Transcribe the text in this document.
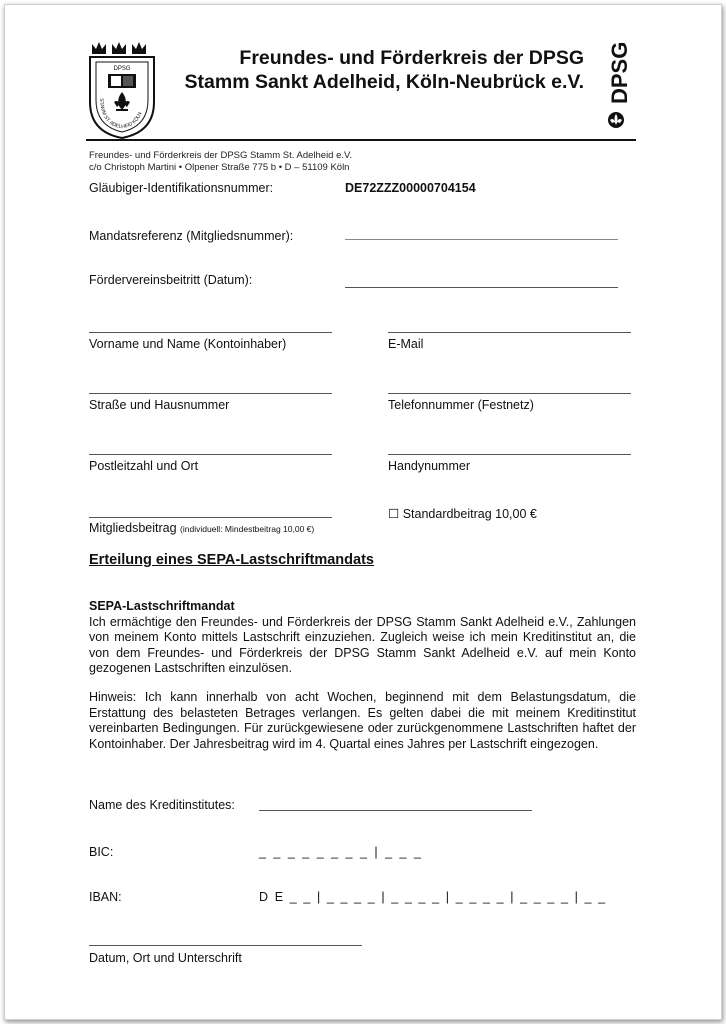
DPSG
STAMM ST. ADELHEID KÖLN
Freundes- und Förderkreis der DPSG
Stamm Sankt Adelheid, Köln-Neubrück e.V. DPSG
Freundes- und Förderkreis der DPSG Stamm St. Adelheid e.V.
c/o Christoph Martini • Olpener Straße 775 b • D – 51109 Köln
Gläubiger-Identifikationsnummer:	DE72ZZZ00000704154
Mandatsreferenz (Mitgliedsnummer):
Fördervereinsbeitritt (Datum):
Vorname und Name (Kontoinhaber)	E-Mail
Straße und Hausnummer	Telefonnummer (Festnetz)
Postleitzahl und Ort	Handynummer
Mitgliedsbeitrag (individuell: Mindestbeitrag 10,00 €)
☐ Standardbeitrag 10,00 €
Erteilung eines SEPA-Lastschriftmandats

SEPA-Lastschriftmandat

Ich ermächtige den Freundes- und Förderkreis der DPSG Stamm Sankt Adelheid e.V., Zahlungen von meinem Konto mittels Lastschrift einzuziehen. Zugleich weise ich mein Kreditinstitut an, die von dem Freundes- und Förderkreis der DPSG Stamm Sankt Adelheid e.V. auf mein Konto gezogenen Lastschriften einzulösen.

Hinweis: Ich kann innerhalb von acht Wochen, beginnend mit dem Belastungsdatum, die Erstattung des belasteten Betrages verlangen. Es gelten dabei die mit meinem Kreditinstitut vereinbarten Bedingungen. Für zurückgewiesene oder zurückgenommene Lastschriften haftet der Kontoinhaber. Der Jahresbeitrag wird im 4. Quartal eines Jahres per Lastschrift eingezogen.

Name des Kreditinstitutes:
BIC:	_ _ _ _ _ _ _ _ | _ _ _
IBAN:	D E _ _ | _ _ _ _ | _ _ _ _ | _ _ _ _ | _ _ _ _ | _ _
Datum, Ort und Unterschrift
